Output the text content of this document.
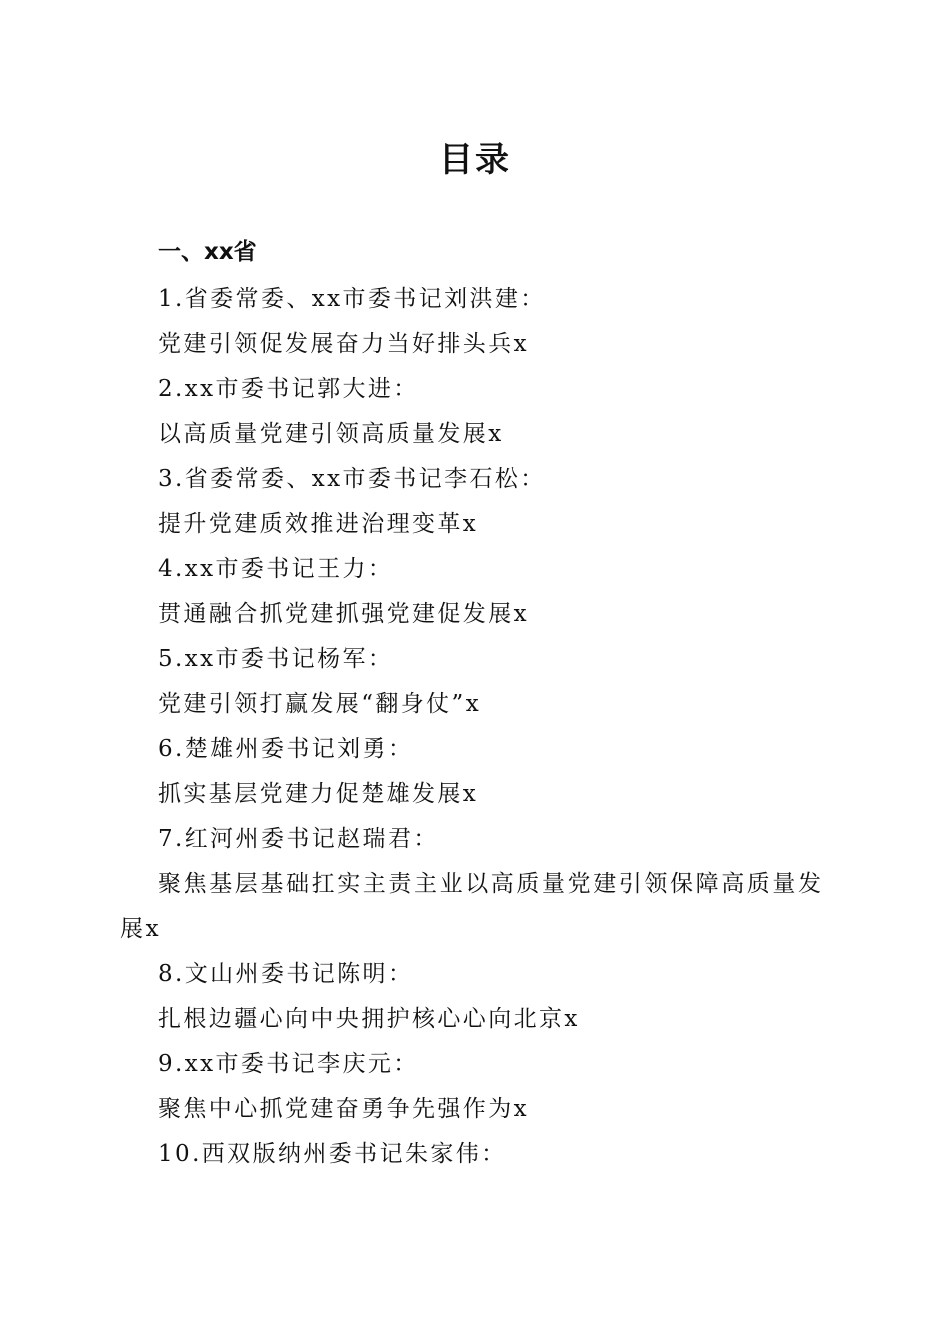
目录
一、xx省
1.省委常委、xx市委书记刘洪建：
党建引领促发展奋力当好排头兵x
2.xx市委书记郭大进：
以高质量党建引领高质量发展x
3.省委常委、xx市委书记李石松：
提升党建质效推进治理变革x
4.xx市委书记王力：
贯通融合抓党建抓强党建促发展x
5.xx市委书记杨军：
党建引领打赢发展“翻身仗”x
6.楚雄州委书记刘勇：
抓实基层党建力促楚雄发展x
7.红河州委书记赵瑞君：
聚焦基层基础扛实主责主业以高质量党建引领保障高质量发展x
8.文山州委书记陈明：
扎根边疆心向中央拥护核心心向北京x
9.xx市委书记李庆元：
聚焦中心抓党建奋勇争先强作为x
10.西双版纳州委书记朱家伟：
